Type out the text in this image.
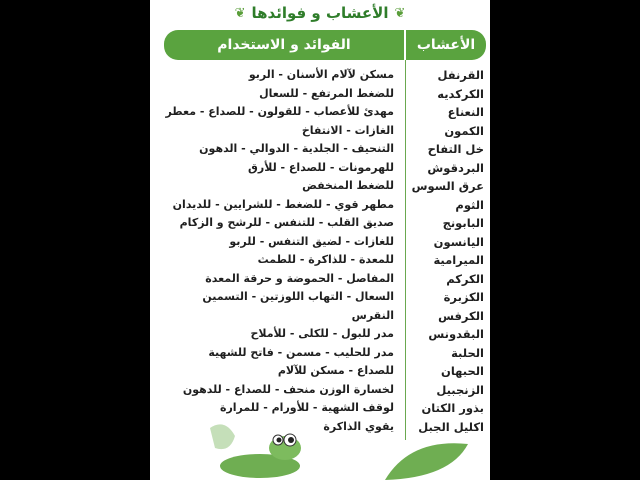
❦
الأعشاب و فوائدها
❦
الأعشاب
الفوائد و الاستخدام
القرنفل
مسكن لآلام الأسنان - الربو
الكركديه
للضغط المرتفع - للسعال
النعناع
مهدئ للأعصاب - للقولون - للصداع - معطر
الكمون
الغازات - الانتفاخ
خل التفاح
التنحيف - الجلدية - الدوالي - الدهون
البردقوش
للهرمونات - للصداع - للأرق
عرق السوس
للضغط المنخفض
الثوم
مطهر قوي - للضغط - للشرايين - للديدان
البابونج
صديق القلب - للتنفس - للرشح و الزكام
اليانسون
للغازات - لضيق التنفس - للربو
الميرامية
للمعدة - للذاكرة - للطمث
الكركم
المفاصل - الحموضة و حرقة المعدة
الكزبرة
السعال - التهاب اللوزتين - التسمين
الكرفس
النقرس
البقدونس
مدر للبول - للكلى - للأملاح
الحلبة
مدر للحليب - مسمن - فاتح للشهية
الحبهان
للصداع - مسكن للآلام
الزنجبيل
لخسارة الوزن منحف - للصداع - للدهون
بذور الكتان
لوقف الشهية - للأورام - للمرارة
اكليل الجبل
يقوي الذاكرة
